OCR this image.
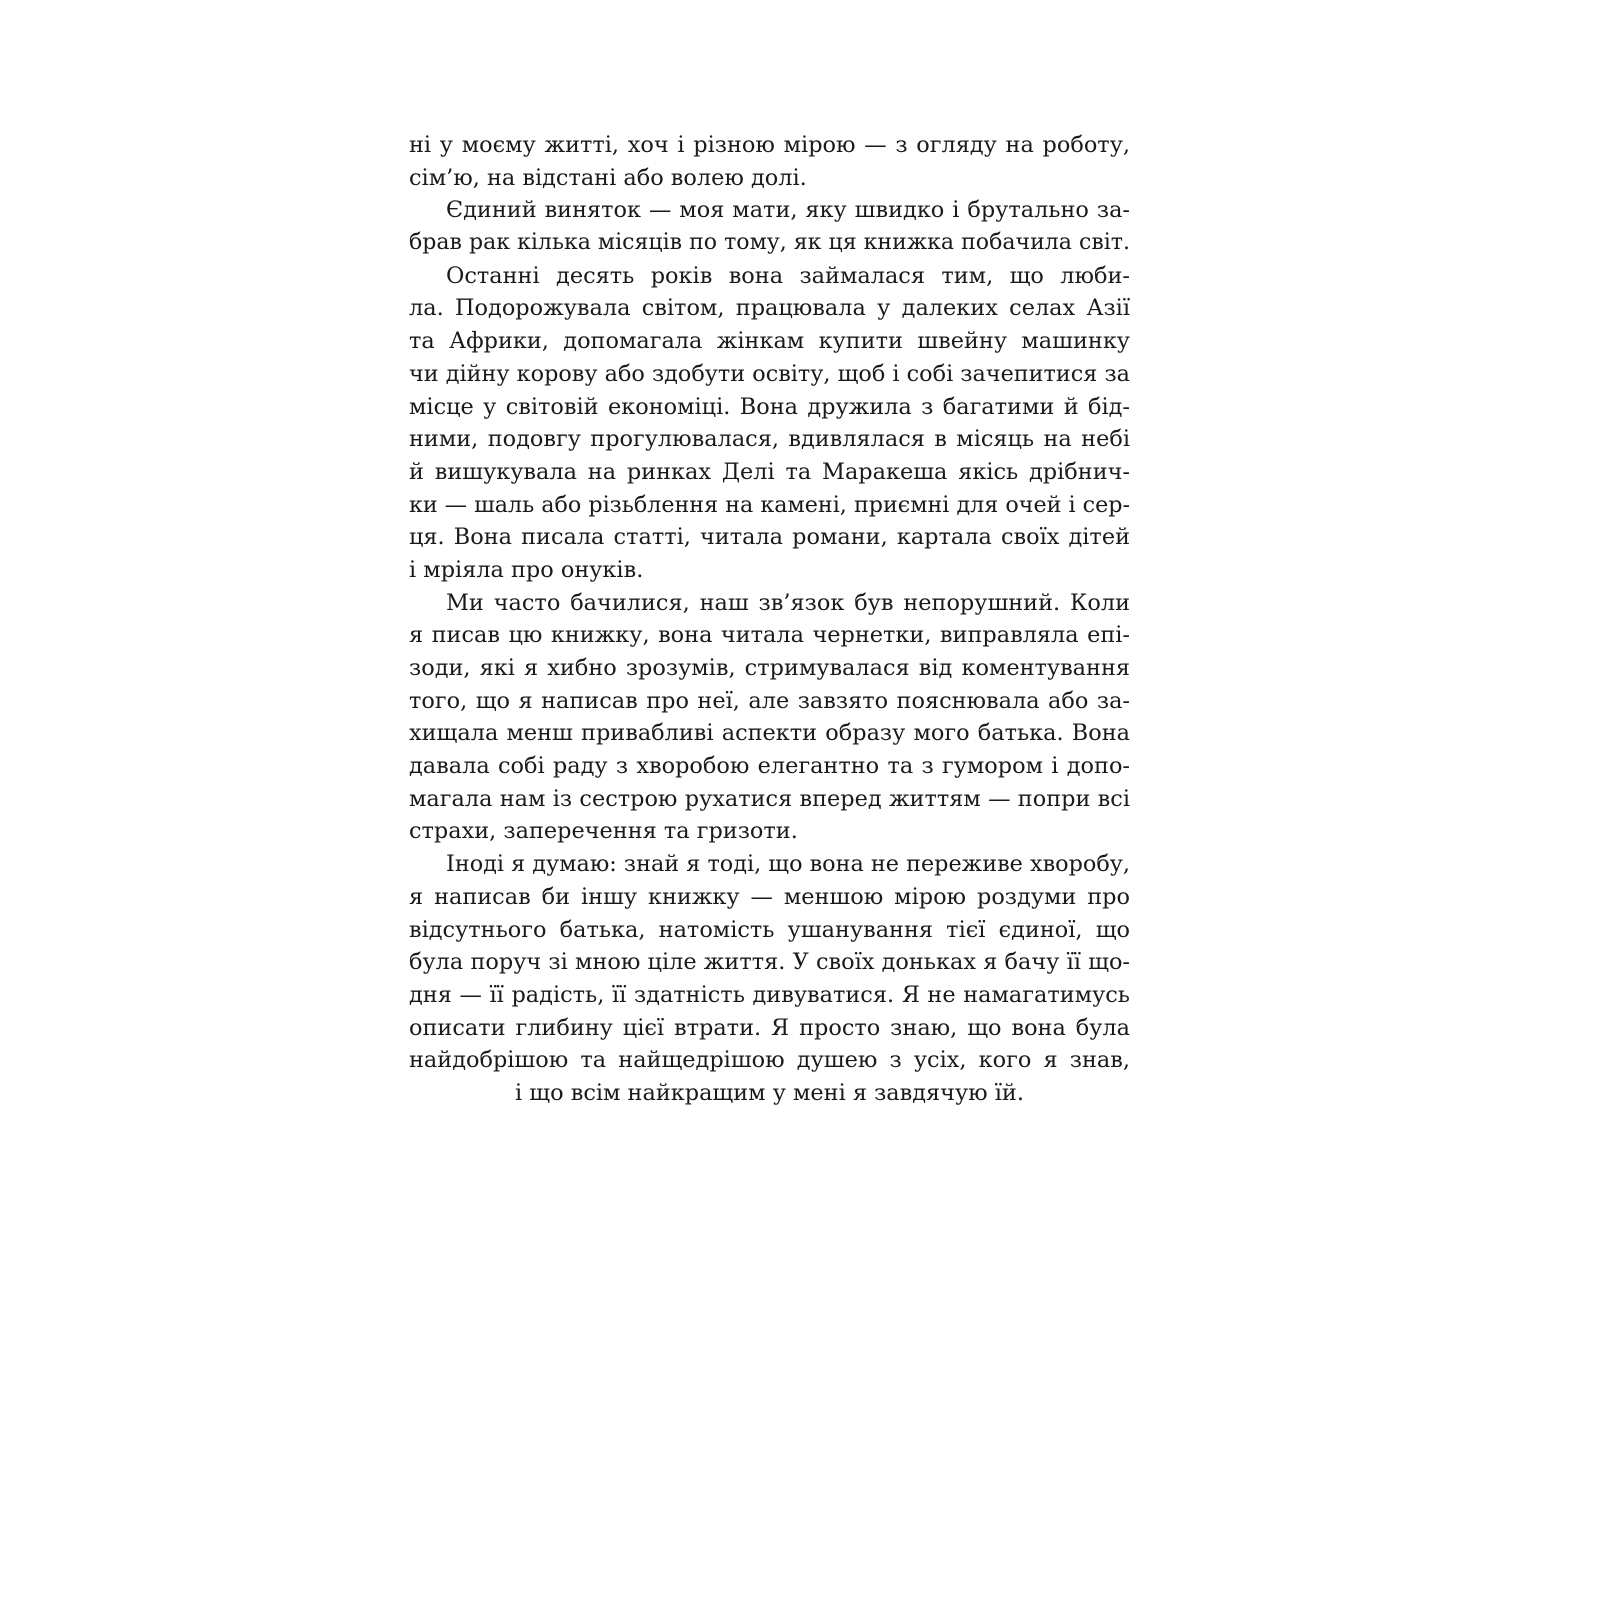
ні у моєму житті, хоч і різною мірою — з огляду на роботу,
сім’ю, на відстані або волею долі.
Єдиний виняток — моя мати, яку швидко і брутально за-
брав рак кілька місяців по тому, як ця книжка побачила світ.
Останні десять років вона займалася тим, що люби-
ла. Подорожувала світом, працювала у далеких селах Азії
та Африки, допомагала жінкам купити швейну машинку
чи дійну корову або здобути освіту, щоб і собі зачепитися за
місце у світовій економіці. Вона дружила з багатими й бід-
ними, подовгу прогулювалася, вдивлялася в місяць на небі
й вишукувала на ринках Делі та Маракеша якісь дрібнич-
ки — шаль або різьблення на камені, приємні для очей і сер-
ця. Вона писала статті, читала романи, картала своїх дітей
і мріяла про онуків.
Ми часто бачилися, наш зв’язок був непорушний. Коли
я писав цю книжку, вона читала чернетки, виправляла епі-
зоди, які я хибно зрозумів, стримувалася від коментування
того, що я написав про неї, але завзято пояснювала або за-
хищала менш привабливі аспекти образу мого батька. Вона
давала собі раду з хворобою елегантно та з гумором і допо-
магала нам із сестрою рухатися вперед життям — попри всі
страхи, заперечення та гризоти.
Іноді я думаю: знай я тоді, що вона не переживе хворобу,
я написав би іншу книжку — меншою мірою роздуми про
відсутнього батька, натомість ушанування тієї єдиної, що
була поруч зі мною ціле життя. У своїх доньках я бачу її що-
дня — її радість, її здатність дивуватися. Я не намагатимусь
описати глибину цієї втрати. Я просто знаю, що вона була
найдобрішою та найщедрішою душею з усіх, кого я знав,
і що всім найкращим у мені я завдячую їй.
